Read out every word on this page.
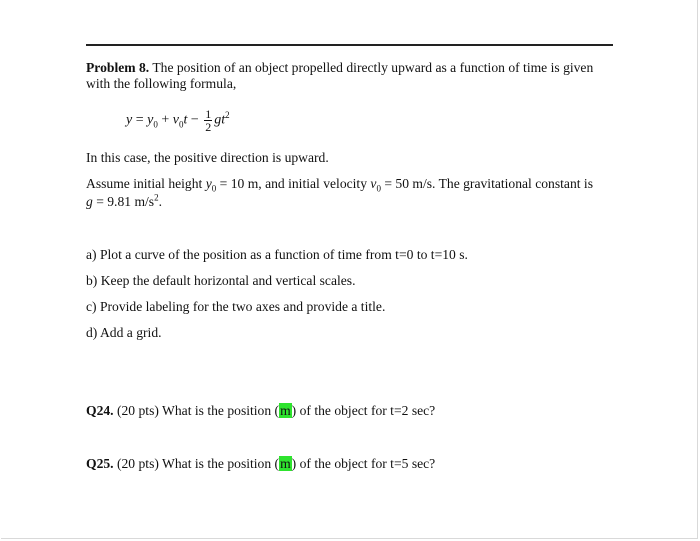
Problem 8. The position of an object propelled directly upward as a function of time is given
with the following formula,
$y = y_0 + v_0t - \frac{1}{2} gt^2$
In this case, the positive direction is upward.
Assume initial height $y_0 = 10$ m, and initial velocity $v_0 = 50$ m/s. The gravitational constant is
g = 9.81 $m/s^2$.
a) Plot a curve of the position as a function of time from t=0 to t=10 s.
b) Keep the default horizontal and vertical scales.
c) Provide labeling for the two axes and provide a title.
d) Add a grid.
Q24. (20 pts) What is the position (m) of the object for t=2 sec?
Q25. (20 pts) What is the position (m) of the object for t=5 sec?
